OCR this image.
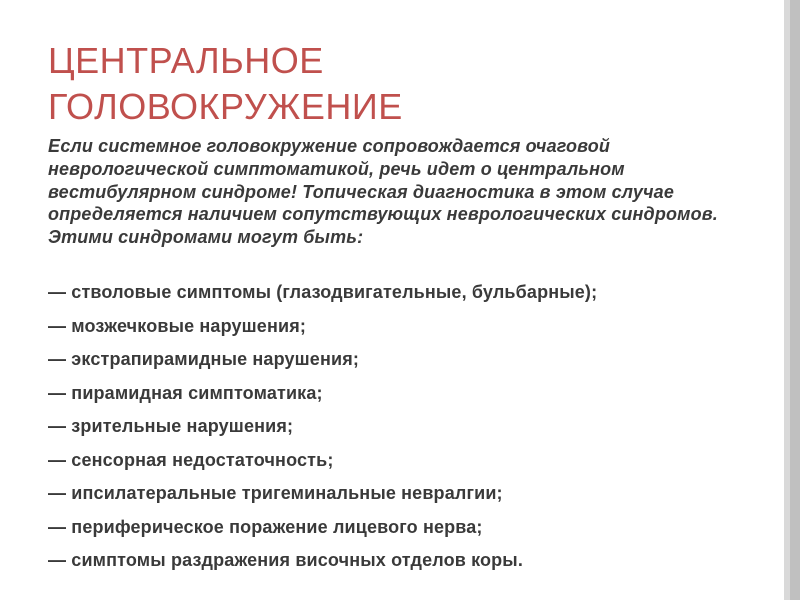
ЦЕНТРАЛЬНОЕ
ГОЛОВОКРУЖЕНИЕ

Если системное головокружение сопровождается очаговой неврологической симптоматикой, речь идет о центральном вестибулярном синдроме! Топическая диагностика в этом случае определяется наличием сопутствующих неврологических синдромов. Этими синдромами могут быть:

— стволовые симптомы (глазодвигательные, бульбарные);
— мозжечковые нарушения;
— экстрапирамидные нарушения;
— пирамидная симптоматика;
— зрительные нарушения;
— сенсорная недостаточность;
— ипсилатеральные тригеминальные невралгии;
— периферическое поражение лицевого нерва;
— симптомы раздражения височных отделов коры.
